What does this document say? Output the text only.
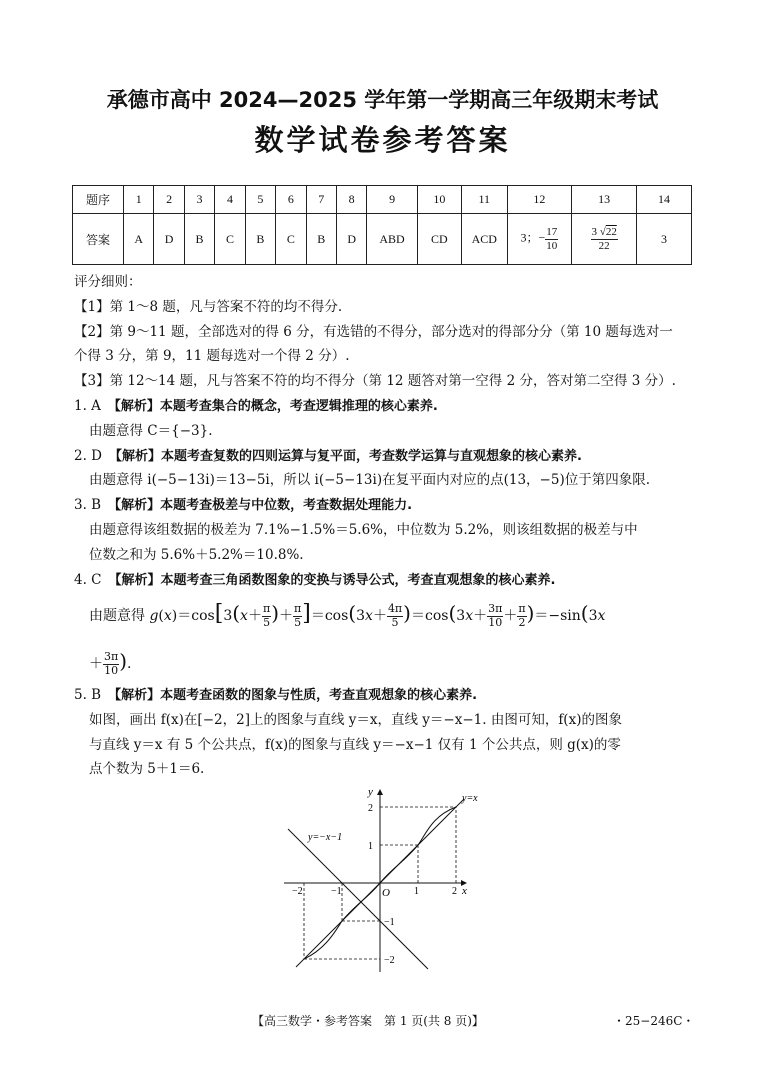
承德市高中 2024—2025 学年第一学期高三年级期末考试
数学试卷参考答案
题序	1	2	3	4	5	6	7	8	9	10	11	12	13	14
答案	A	D	B	C	B	C	B	D	ABD	CD	ACD	3；− $\frac{17}{10}$	$\frac{3 √22}{22}$	3
评分细则：
【1】第 1～8 题，凡与答案不符的均不得分.
【2】第 9～11 题，全部选对的得 6 分，有选错的不得分，部分选对的得部分分（第 10 题每选对一
个得 3 分，第 9，11 题每选对一个得 2 分）.
【3】第 12～14 题，凡与答案不符的均不得分（第 12 题答对第一空得 2 分，答对第二空得 3 分）.
1. A　 【解析】本题考查集合的概念，考查逻辑推理的核心素养.
由题意得 C＝{−3}.
2. D　 【解析】本题考查复数的四则运算与复平面，考查数学运算与直观想象的核心素养.
由题意得 i(−5−13i)＝13−5i，所以 i(−5−13i)在复平面内对应的点(13，−5)位于第四象限.
3. B　 【解析】本题考查极差与中位数，考查数据处理能力.
由题意得该组数据的极差为 7.1%−1.5%＝5.6%，中位数为 5.2%，则该组数据的极差与中
位数之和为 5.6%＋5.2%＝10.8%.
4. C　 【解析】本题考查三角函数图象的变换与诱导公式，考查直观想象的核心素养.
由题意得 $g(x)=\cos[3(x+ \frac{\pi}{5}$ )＋ $\frac{\pi}{5} ]=\cos(3x+ \frac{4\pi}{5} )=\cos(3x+ \frac{3\pi}{10} + \frac{\pi}{2} )=-\sin(3x$
＋ $\frac{3\pi}{10}$ ).
5. B　 【解析】本题考查函数的图象与性质，考查直观想象的核心素养.
如图，画出 f(x)在[−2，2]上的图象与直线 y＝x，直线 y＝−x−1. 由图可知，f(x)的图象
与直线 y＝x 有 5 个公共点，f(x)的图象与直线 y＝−x−1 仅有 1 个公共点，则 g(x)的零
点个数为 5＋1＝6.
y
x
O
y=x
y=−x−1
−2	−1	1	2
2
1
−1
−2
【高三数学・参考答案　第 1 页(共 8 页)】	・25−246C・
